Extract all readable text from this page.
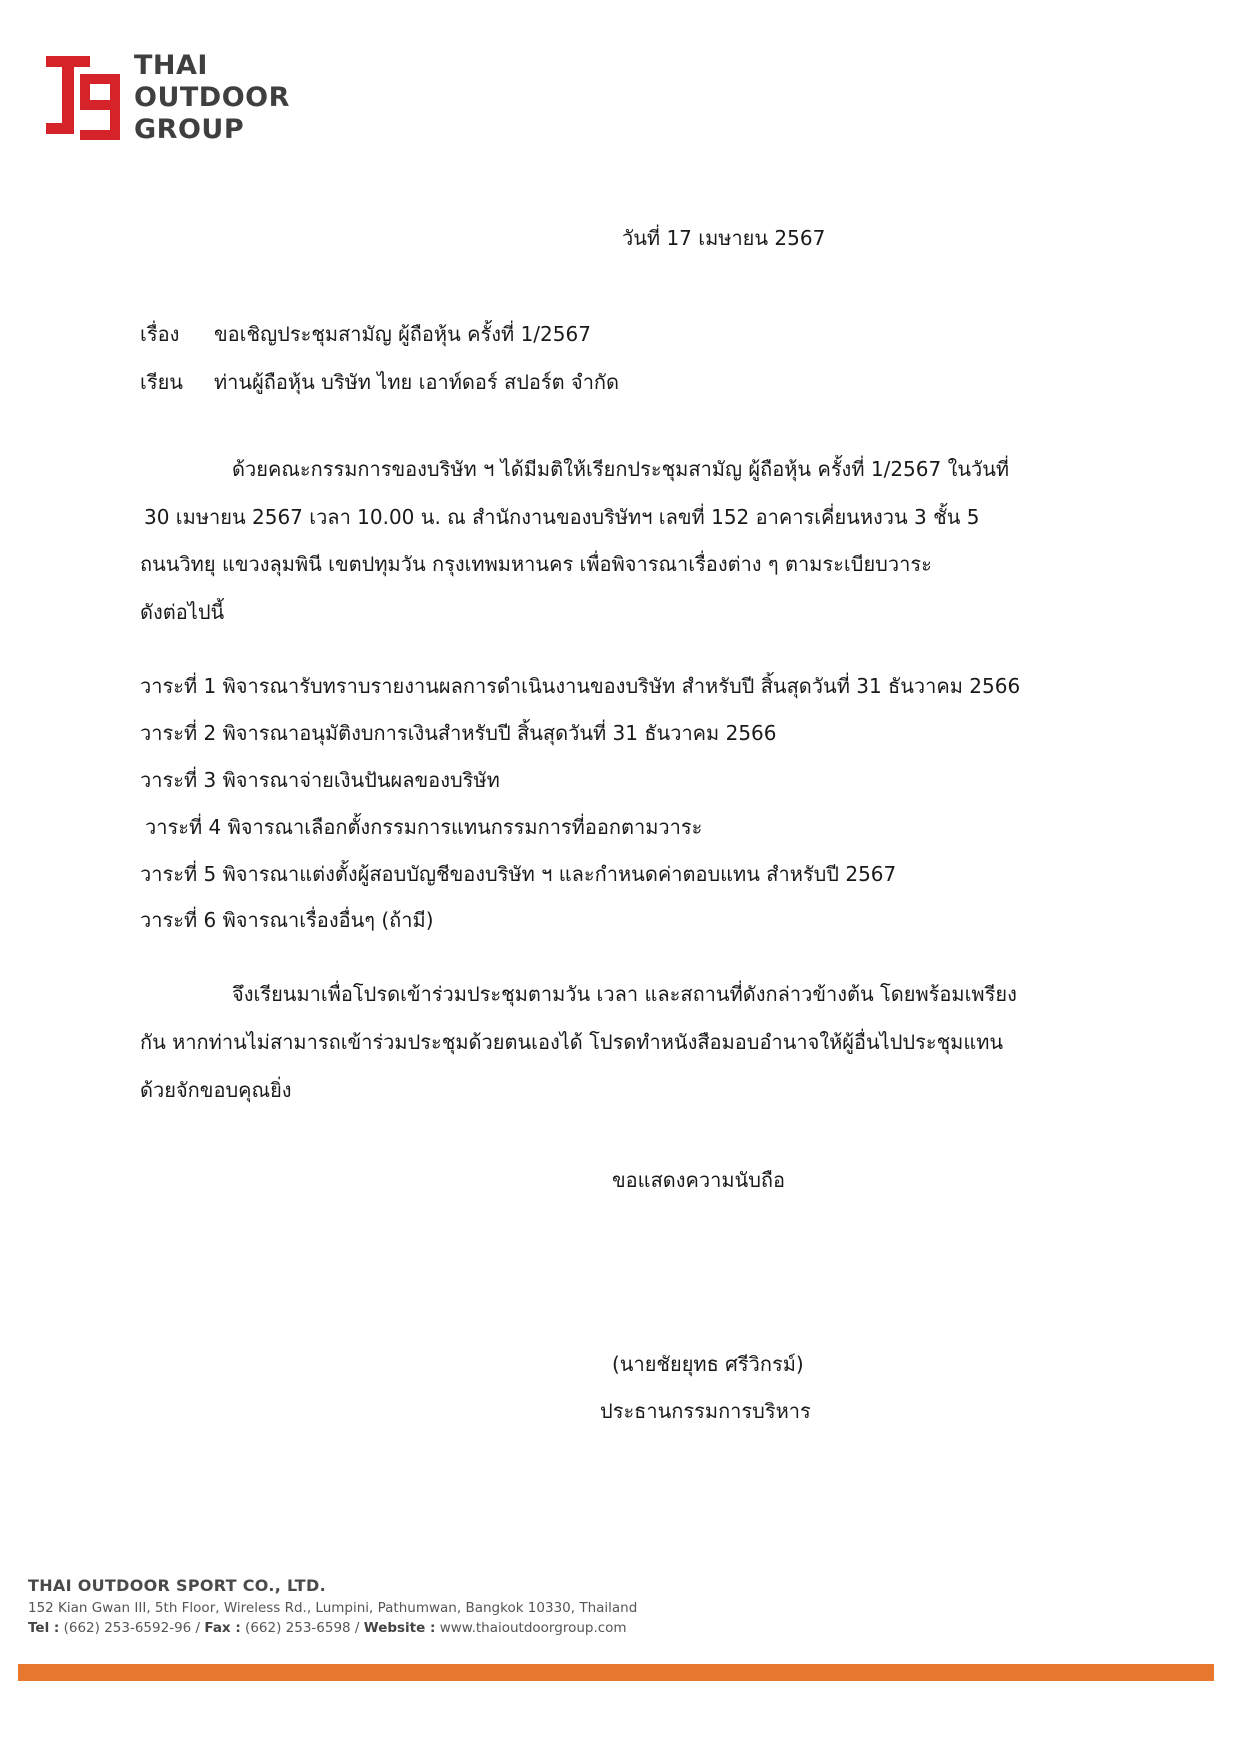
THAI
OUTDOOR
GROUP
วันที่ 17 เมษายน 2567
เรื่อง ขอเชิญประชุมสามัญ ผู้ถือหุ้น ครั้งที่ 1/2567
เรียน ท่านผู้ถือหุ้น บริษัท ไทย เอาท์ดอร์ สปอร์ต จำกัด
ด้วยคณะกรรมการของบริษัท ฯ ได้มีมติให้เรียกประชุมสามัญ ผู้ถือหุ้น ครั้งที่ 1/2567 ในวันที่
30 เมษายน 2567 เวลา 10.00 น. ณ สำนักงานของบริษัทฯ เลขที่ 152 อาคารเคี่ยนหงวน 3 ชั้น 5
ถนนวิทยุ แขวงลุมพินี เขตปทุมวัน กรุงเทพมหานคร เพื่อพิจารณาเรื่องต่าง ๆ ตามระเบียบวาระ
ดังต่อไปนี้
วาระที่ 1 พิจารณารับทราบรายงานผลการดำเนินงานของบริษัท สำหรับปี สิ้นสุดวันที่ 31 ธันวาคม 2566
วาระที่ 2 พิจารณาอนุมัติงบการเงินสำหรับปี สิ้นสุดวันที่ 31 ธันวาคม 2566
วาระที่ 3 พิจารณาจ่ายเงินปันผลของบริษัท
วาระที่ 4 พิจารณาเลือกตั้งกรรมการแทนกรรมการที่ออกตามวาระ
วาระที่ 5 พิจารณาแต่งตั้งผู้สอบบัญชีของบริษัท ฯ และกำหนดค่าตอบแทน สำหรับปี 2567
วาระที่ 6 พิจารณาเรื่องอื่นๆ (ถ้ามี)
จึงเรียนมาเพื่อโปรดเข้าร่วมประชุมตามวัน เวลา และสถานที่ดังกล่าวข้างต้น โดยพร้อมเพรียง
กัน หากท่านไม่สามารถเข้าร่วมประชุมด้วยตนเองได้ โปรดทำหนังสือมอบอำนาจให้ผู้อื่นไปประชุมแทน
ด้วยจักขอบคุณยิ่ง
ขอแสดงความนับถือ
(นายชัยยุทธ ศรีวิกรม์)
ประธานกรรมการบริหาร
THAI OUTDOOR SPORT CO., LTD.
152 Kian Gwan III, 5th Floor, Wireless Rd., Lumpini, Pathumwan, Bangkok 10330, Thailand
Tel : (662) 253-6592-96 / Fax : (662) 253-6598 / Website : www.thaioutdoorgroup.com
